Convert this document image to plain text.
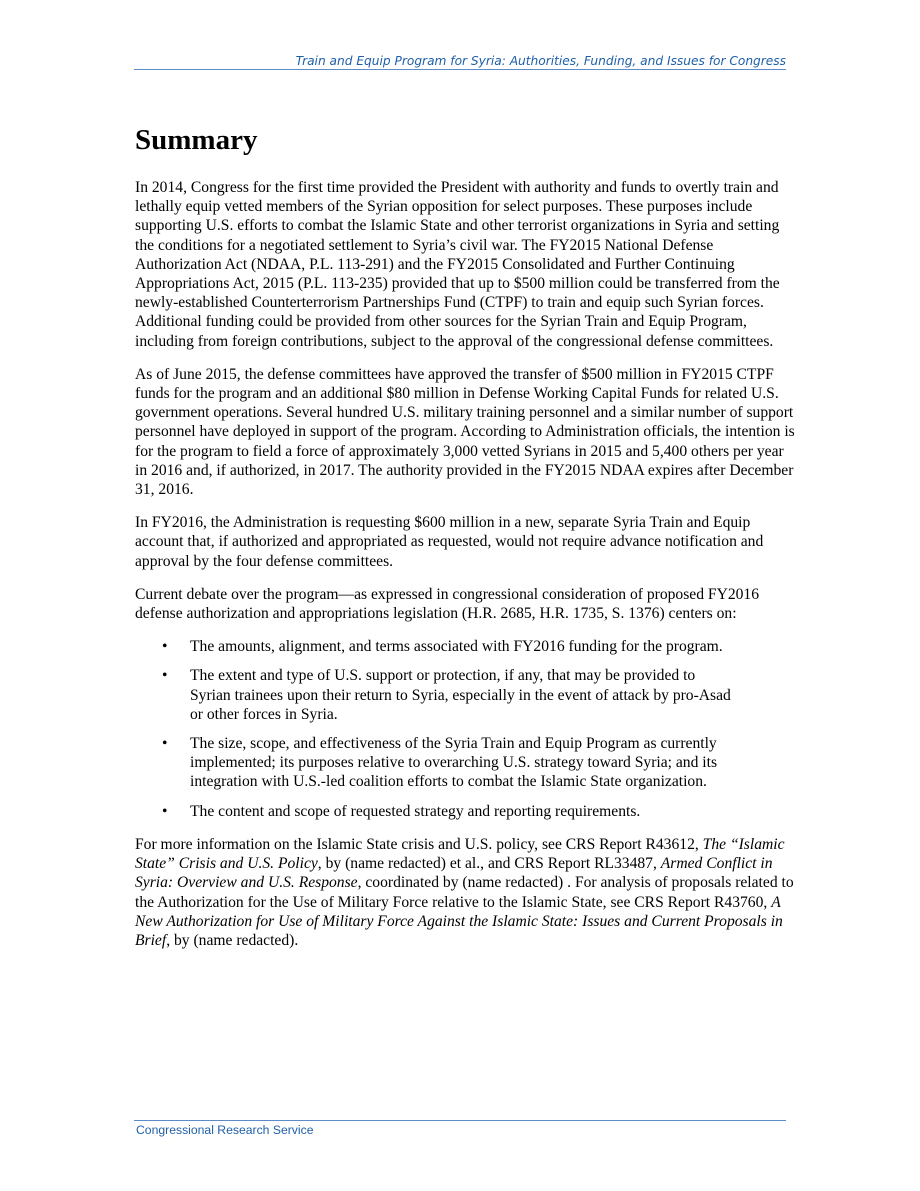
Train and Equip Program for Syria: Authorities, Funding, and Issues for Congress
Summary

In 2014, Congress for the first time provided the President with authority and funds to overtly train and lethally equip vetted members of the Syrian opposition for select purposes. These purposes include supporting U.S. efforts to combat the Islamic State and other terrorist organizations in Syria and setting the conditions for a negotiated settlement to Syria’s civil war. The FY2015 National Defense Authorization Act (NDAA, P.L. 113-291) and the FY2015 Consolidated and Further Continuing Appropriations Act, 2015 (P.L. 113-235) provided that up to $500 million could be transferred from the newly-established Counterterrorism Partnerships Fund (CTPF) to train and equip such Syrian forces. Additional funding could be provided from other sources for the Syrian Train and Equip Program, including from foreign contributions, subject to the approval of the congressional defense committees.

As of June 2015, the defense committees have approved the transfer of $500 million in FY2015 CTPF funds for the program and an additional $80 million in Defense Working Capital Funds for related U.S. government operations. Several hundred U.S. military training personnel and a similar number of support personnel have deployed in support of the program. According to Administration officials, the intention is for the program to field a force of approximately 3,000 vetted Syrians in 2015 and 5,400 others per year in 2016 and, if authorized, in 2017. The authority provided in the FY2015 NDAA expires after December 31, 2016.

In FY2016, the Administration is requesting $600 million in a new, separate Syria Train and Equip account that, if authorized and appropriated as requested, would not require advance notification and approval by the four defense committees.

Current debate over the program—as expressed in congressional consideration of proposed FY2016 defense authorization and appropriations legislation (H.R. 2685, H.R. 1735, S. 1376) centers on:

• The amounts, alignment, and terms associated with FY2016 funding for the program.
• The extent and type of U.S. support or protection, if any, that may be provided to Syrian trainees upon their return to Syria, especially in the event of attack by pro-Asad or other forces in Syria.
• The size, scope, and effectiveness of the Syria Train and Equip Program as currently implemented; its purposes relative to overarching U.S. strategy toward Syria; and its integration with U.S.-led coalition efforts to combat the Islamic State organization.
• The content and scope of requested strategy and reporting requirements.

For more information on the Islamic State crisis and U.S. policy, see CRS Report R43612, The “Islamic State” Crisis and U.S. Policy, by (name redacted) et al., and CRS Report RL33487, Armed Conflict in Syria: Overview and U.S. Response, coordinated by (name redacted) . For analysis of proposals related to the Authorization for the Use of Military Force relative to the Islamic State, see CRS Report R43760, A New Authorization for Use of Military Force Against the Islamic State: Issues and Current Proposals in Brief, by (name redacted).

Congressional Research Service
